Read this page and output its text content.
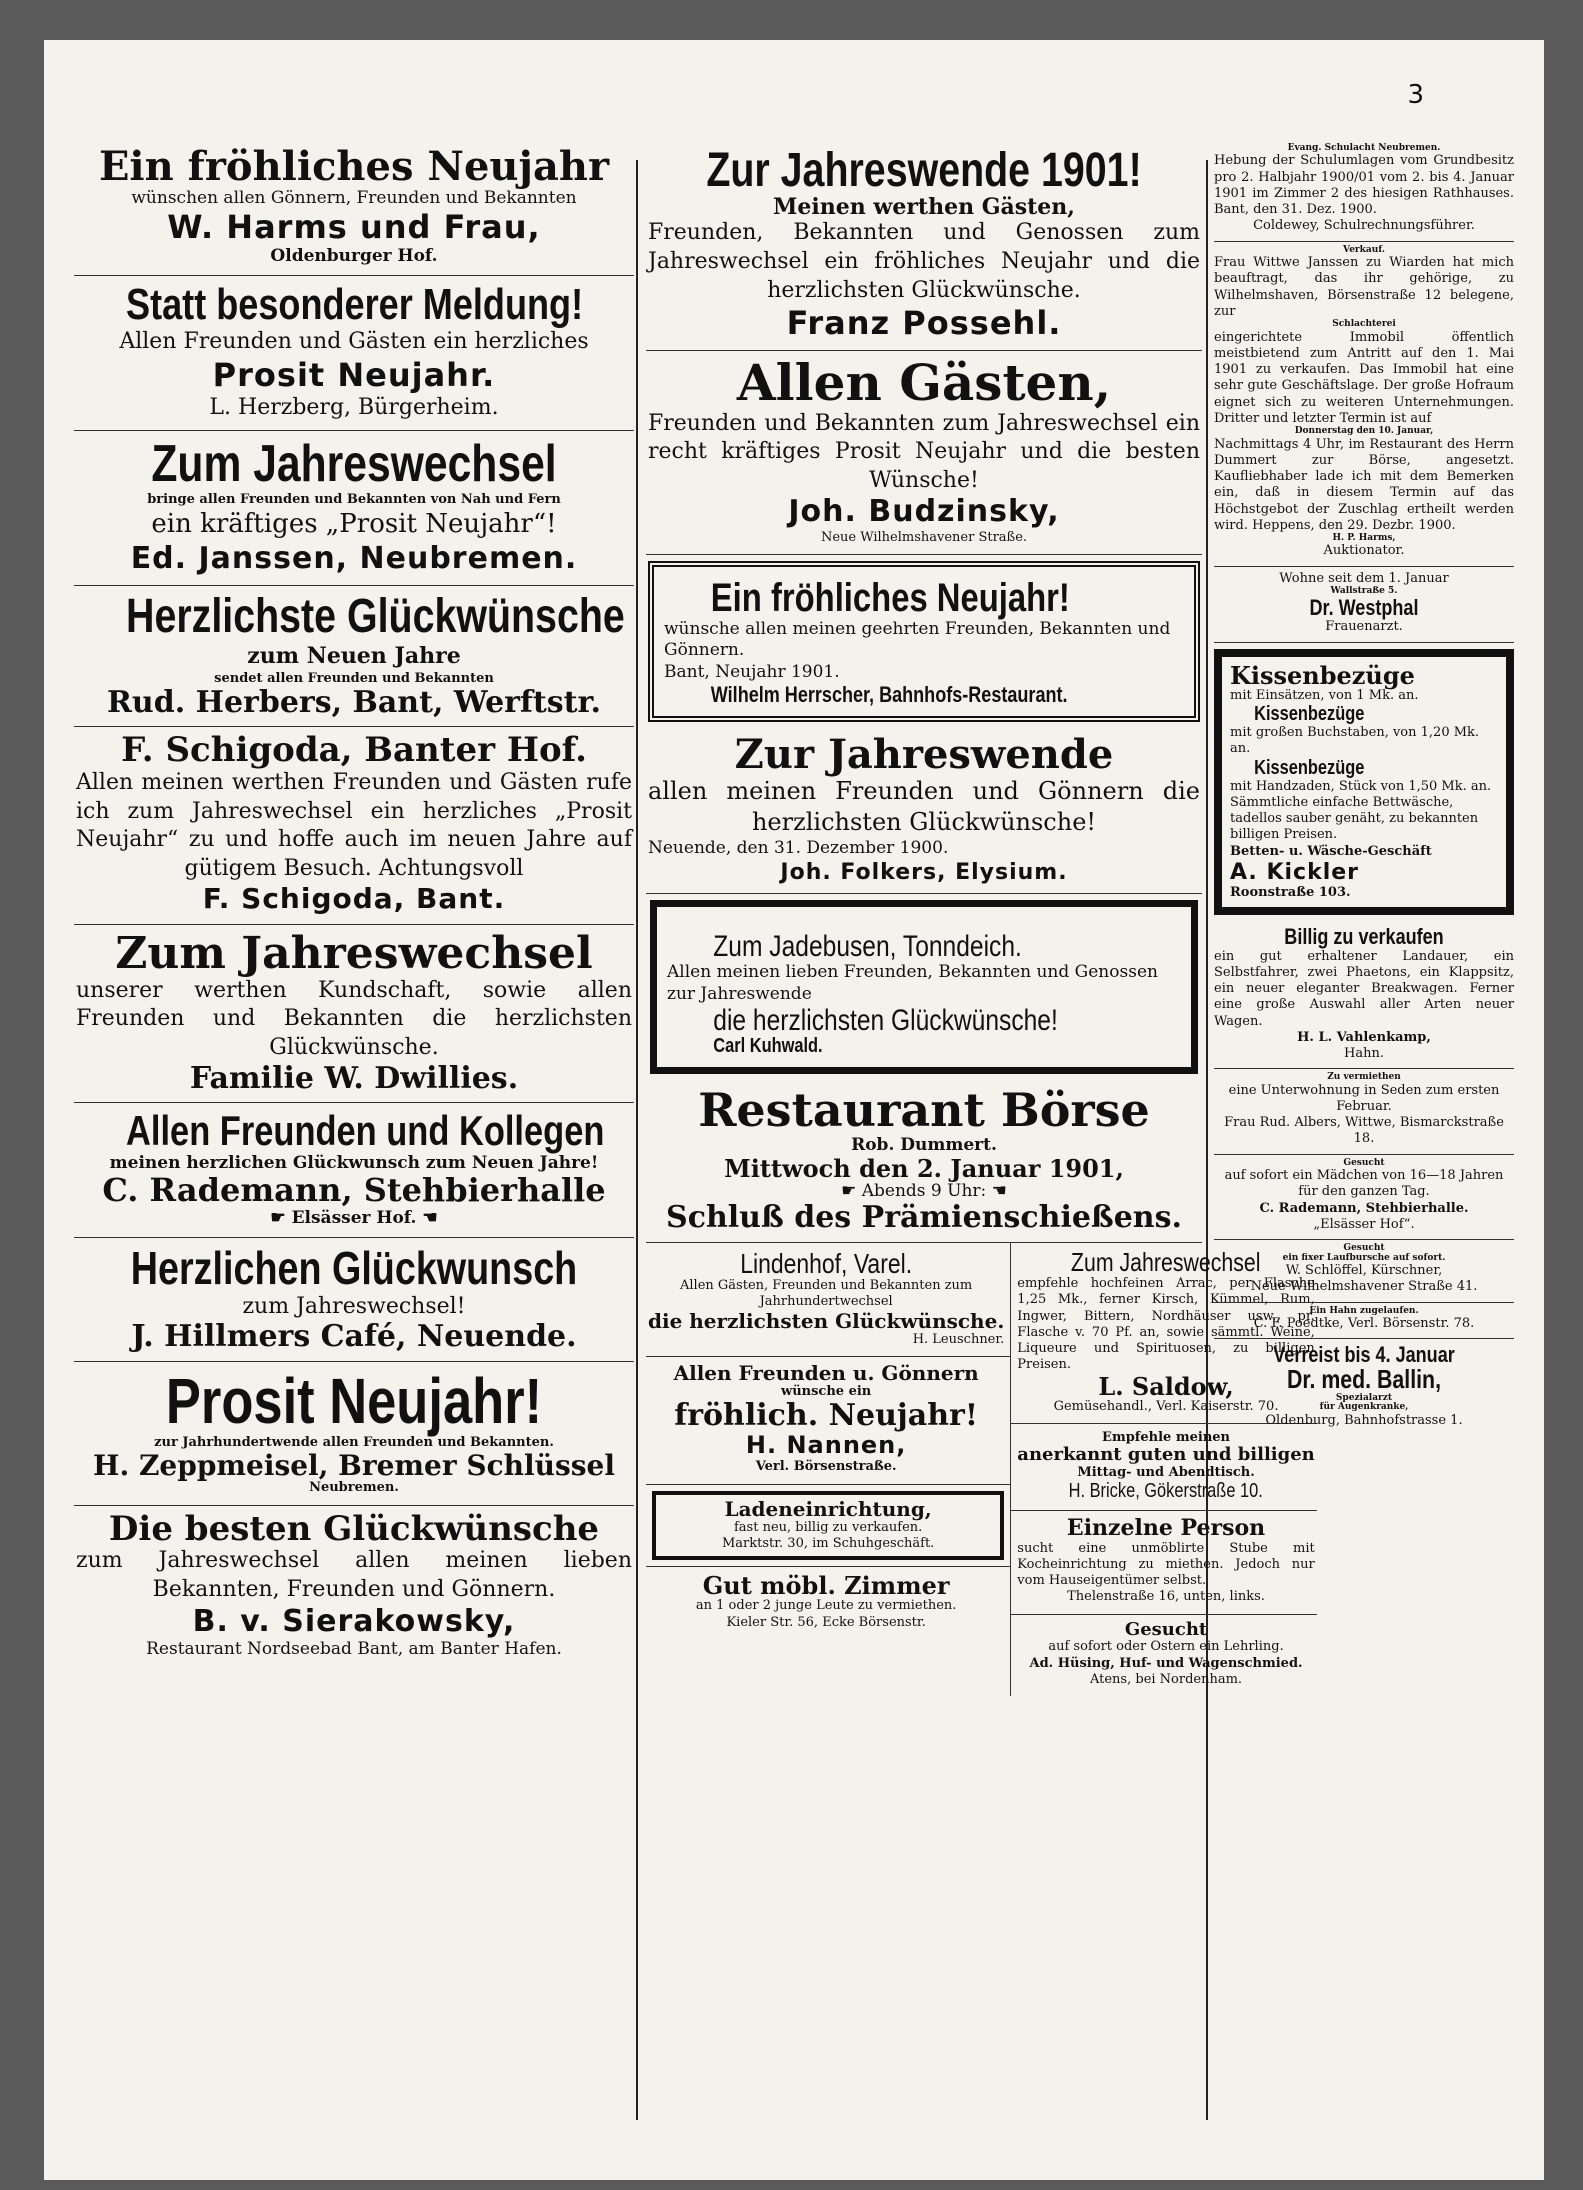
3
Ein fröhliches Neujahr
wünschen allen Gönnern, Freunden und Bekannten
W. Harms und Frau,
Oldenburger Hof.
Statt besonderer Meldung!
Allen Freunden und Gästen ein herzliches
Prosit Neujahr.
L. Herzberg, Bürgerheim.
Zum Jahreswechsel
bringe allen Freunden und Bekannten von Nah und Fern
ein kräftiges „Prosit Neujahr“!
Ed. Janssen, Neubremen.
Herzlichste Glückwünsche
zum Neuen Jahre
sendet allen Freunden und Bekannten
Rud. Herbers, Bant, Werftstr.
F. Schigoda, Banter Hof.
Allen meinen werthen Freunden und Gästen rufe ich zum Jahreswechsel ein herzliches „Prosit Neujahr“ zu und hoffe auch im neuen Jahre auf gütigem Besuch. Achtungsvoll
F. Schigoda, Bant.
Zum Jahreswechsel
unserer werthen Kundschaft, sowie allen Freunden und Bekannten die herzlichsten Glückwünsche.
Familie W. Dwillies.
Allen Freunden und Kollegen
meinen herzlichen Glückwunsch zum Neuen Jahre!
C. Rademann, Stehbierhalle
☛ Elsässer Hof. ☚
Herzlichen Glückwunsch
zum Jahreswechsel!
J. Hillmers Café, Neuende.
Prosit Neujahr!
zur Jahrhundertwende allen Freunden und Bekannten.
H. Zeppmeisel, Bremer Schlüssel
Neubremen.
Die besten Glückwünsche
zum Jahreswechsel allen meinen lieben Bekannten, Freunden und Gönnern.
B. v. Sierakowsky,
Restaurant Nordseebad Bant, am Banter Hafen.
Zur Jahreswende 1901!
Meinen werthen Gästen,
Freunden, Bekannten und Genossen zum Jahreswechsel ein fröhliches Neujahr und die herzlichsten Glückwünsche.
Franz Possehl.
Allen Gästen,
Freunden und Bekannten zum Jahreswechsel ein recht kräftiges Prosit Neujahr und die besten Wünsche!
Joh. Budzinsky,
Neue Wilhelmshavener Straße.
Ein fröhliches Neujahr!
wünsche allen meinen geehrten Freunden, Bekannten und Gönnern.
Bant, Neujahr 1901.
Wilhelm Herrscher, Bahnhofs-Restaurant.
Zur Jahreswende
allen meinen Freunden und Gönnern die herzlichsten Glückwünsche!
Neuende, den 31. Dezember 1900.
Joh. Folkers, Elysium.
Zum Jadebusen, Tonndeich.
Allen meinen lieben Freunden, Bekannten und Genossen zur Jahreswende
die herzlichsten Glückwünsche!
Carl Kuhwald.
Restaurant Börse
Rob. Dummert.
Mittwoch den 2. Januar 1901,
☛ Abends 9 Uhr: ☚
Schluß des Prämienschießens.
Lindenhof, Varel.
Allen Gästen, Freunden und Bekannten zum Jahrhundertwechsel
die herzlichsten Glückwünsche.
H. Leuschner.
Allen Freunden u. Gönnern
wünsche ein
fröhlich. Neujahr!
H. Nannen,
Verl. Börsenstraße.
Ladeneinrichtung,
fast neu, billig zu verkaufen.
Marktstr. 30, im Schuhgeschäft.
Gut möbl. Zimmer
an 1 oder 2 junge Leute zu vermiethen.
Kieler Str. 56, Ecke Börsenstr.
Zum Jahreswechsel
empfehle hochfeinen Arrac, per Flasche 1,25 Mk., ferner Kirsch, Kümmel, Rum, Ingwer, Bittern, Nordhäuser usw., pr. Flasche v. 70 Pf. an, sowie sämmtl. Weine, Liqueure und Spirituosen, zu billigen Preisen.
L. Saldow,
Gemüsehandl., Verl. Kaiserstr. 70.
Empfehle meinen
anerkannt guten und billigen
Mittag- und Abendtisch.
H. Bricke, Gökerstraße 10.
Einzelne Person
sucht eine unmöblirte Stube mit Kocheinrichtung zu miethen. Jedoch nur vom Hauseigentümer selbst.
Thelenstraße 16, unten, links.
Gesucht
auf sofort oder Ostern ein Lehrling.
Ad. Hüsing, Huf- und Wagenschmied.
Atens, bei Nordenham.
Evang. Schulacht Neubremen.
Hebung der Schulumlagen vom Grundbesitz pro 2. Halbjahr 1900/01 vom 2. bis 4. Januar 1901 im Zimmer 2 des hiesigen Rathhauses. Bant, den 31. Dez. 1900.
Coldewey, Schulrechnungsführer.
Verkauf.
Frau Wittwe Janssen zu Wiarden hat mich beauftragt, das ihr gehörige, zu Wilhelmshaven, Börsenstraße 12 belegene, zur
Schlachterei
eingerichtete Immobil öffentlich meistbietend zum Antritt auf den 1. Mai 1901 zu verkaufen. Das Immobil hat eine sehr gute Geschäftslage. Der große Hofraum eignet sich zu weiteren Unternehmungen. Dritter und letzter Termin ist auf
Donnerstag den 10. Januar,
Nachmittags 4 Uhr, im Restaurant des Herrn Dummert zur Börse, angesetzt. Kaufliebhaber lade ich mit dem Bemerken ein, daß in diesem Termin auf das Höchstgebot der Zuschlag ertheilt werden wird. Heppens, den 29. Dezbr. 1900.
H. P. Harms,
Auktionator.
Wohne seit dem 1. Januar
Wallstraße 5.
Dr. Westphal
Frauenarzt.
Kissenbezüge
mit Einsätzen, von 1 Mk. an.
Kissenbezüge
mit großen Buchstaben, von 1,20 Mk. an.
Kissenbezüge
mit Handzaden, Stück von 1,50 Mk. an.
Sämmtliche einfache Bettwäsche, tadellos sauber genäht, zu bekannten billigen Preisen.
Betten- u. Wäsche-Geschäft
A. Kickler
Roonstraße 103.
Billig zu verkaufen
ein gut erhaltener Landauer, ein Selbstfahrer, zwei Phaetons, ein Klappsitz, ein neuer eleganter Breakwagen. Ferner eine große Auswahl aller Arten neuer Wagen.
H. L. Vahlenkamp,
Hahn.
Zu vermiethen
eine Unterwohnung in Seden zum ersten Februar.
Frau Rud. Albers, Wittwe, Bismarckstraße 18.
Gesucht
auf sofort ein Mädchen von 16—18 Jahren für den ganzen Tag.
C. Rademann, Stehbierhalle.
„Elsässer Hof“.
Gesucht
ein fixer Laufbursche auf sofort.
W. Schlöffel, Kürschner,
Neue Wilhelmshavener Straße 41.
Ein Hahn zugelaufen.
C. F. Poedtke, Verl. Börsenstr. 78.
Verreist bis 4. Januar
Dr. med. Ballin,
Spezialarzt
für Augenkranke,
Oldenburg, Bahnhofstrasse 1.
